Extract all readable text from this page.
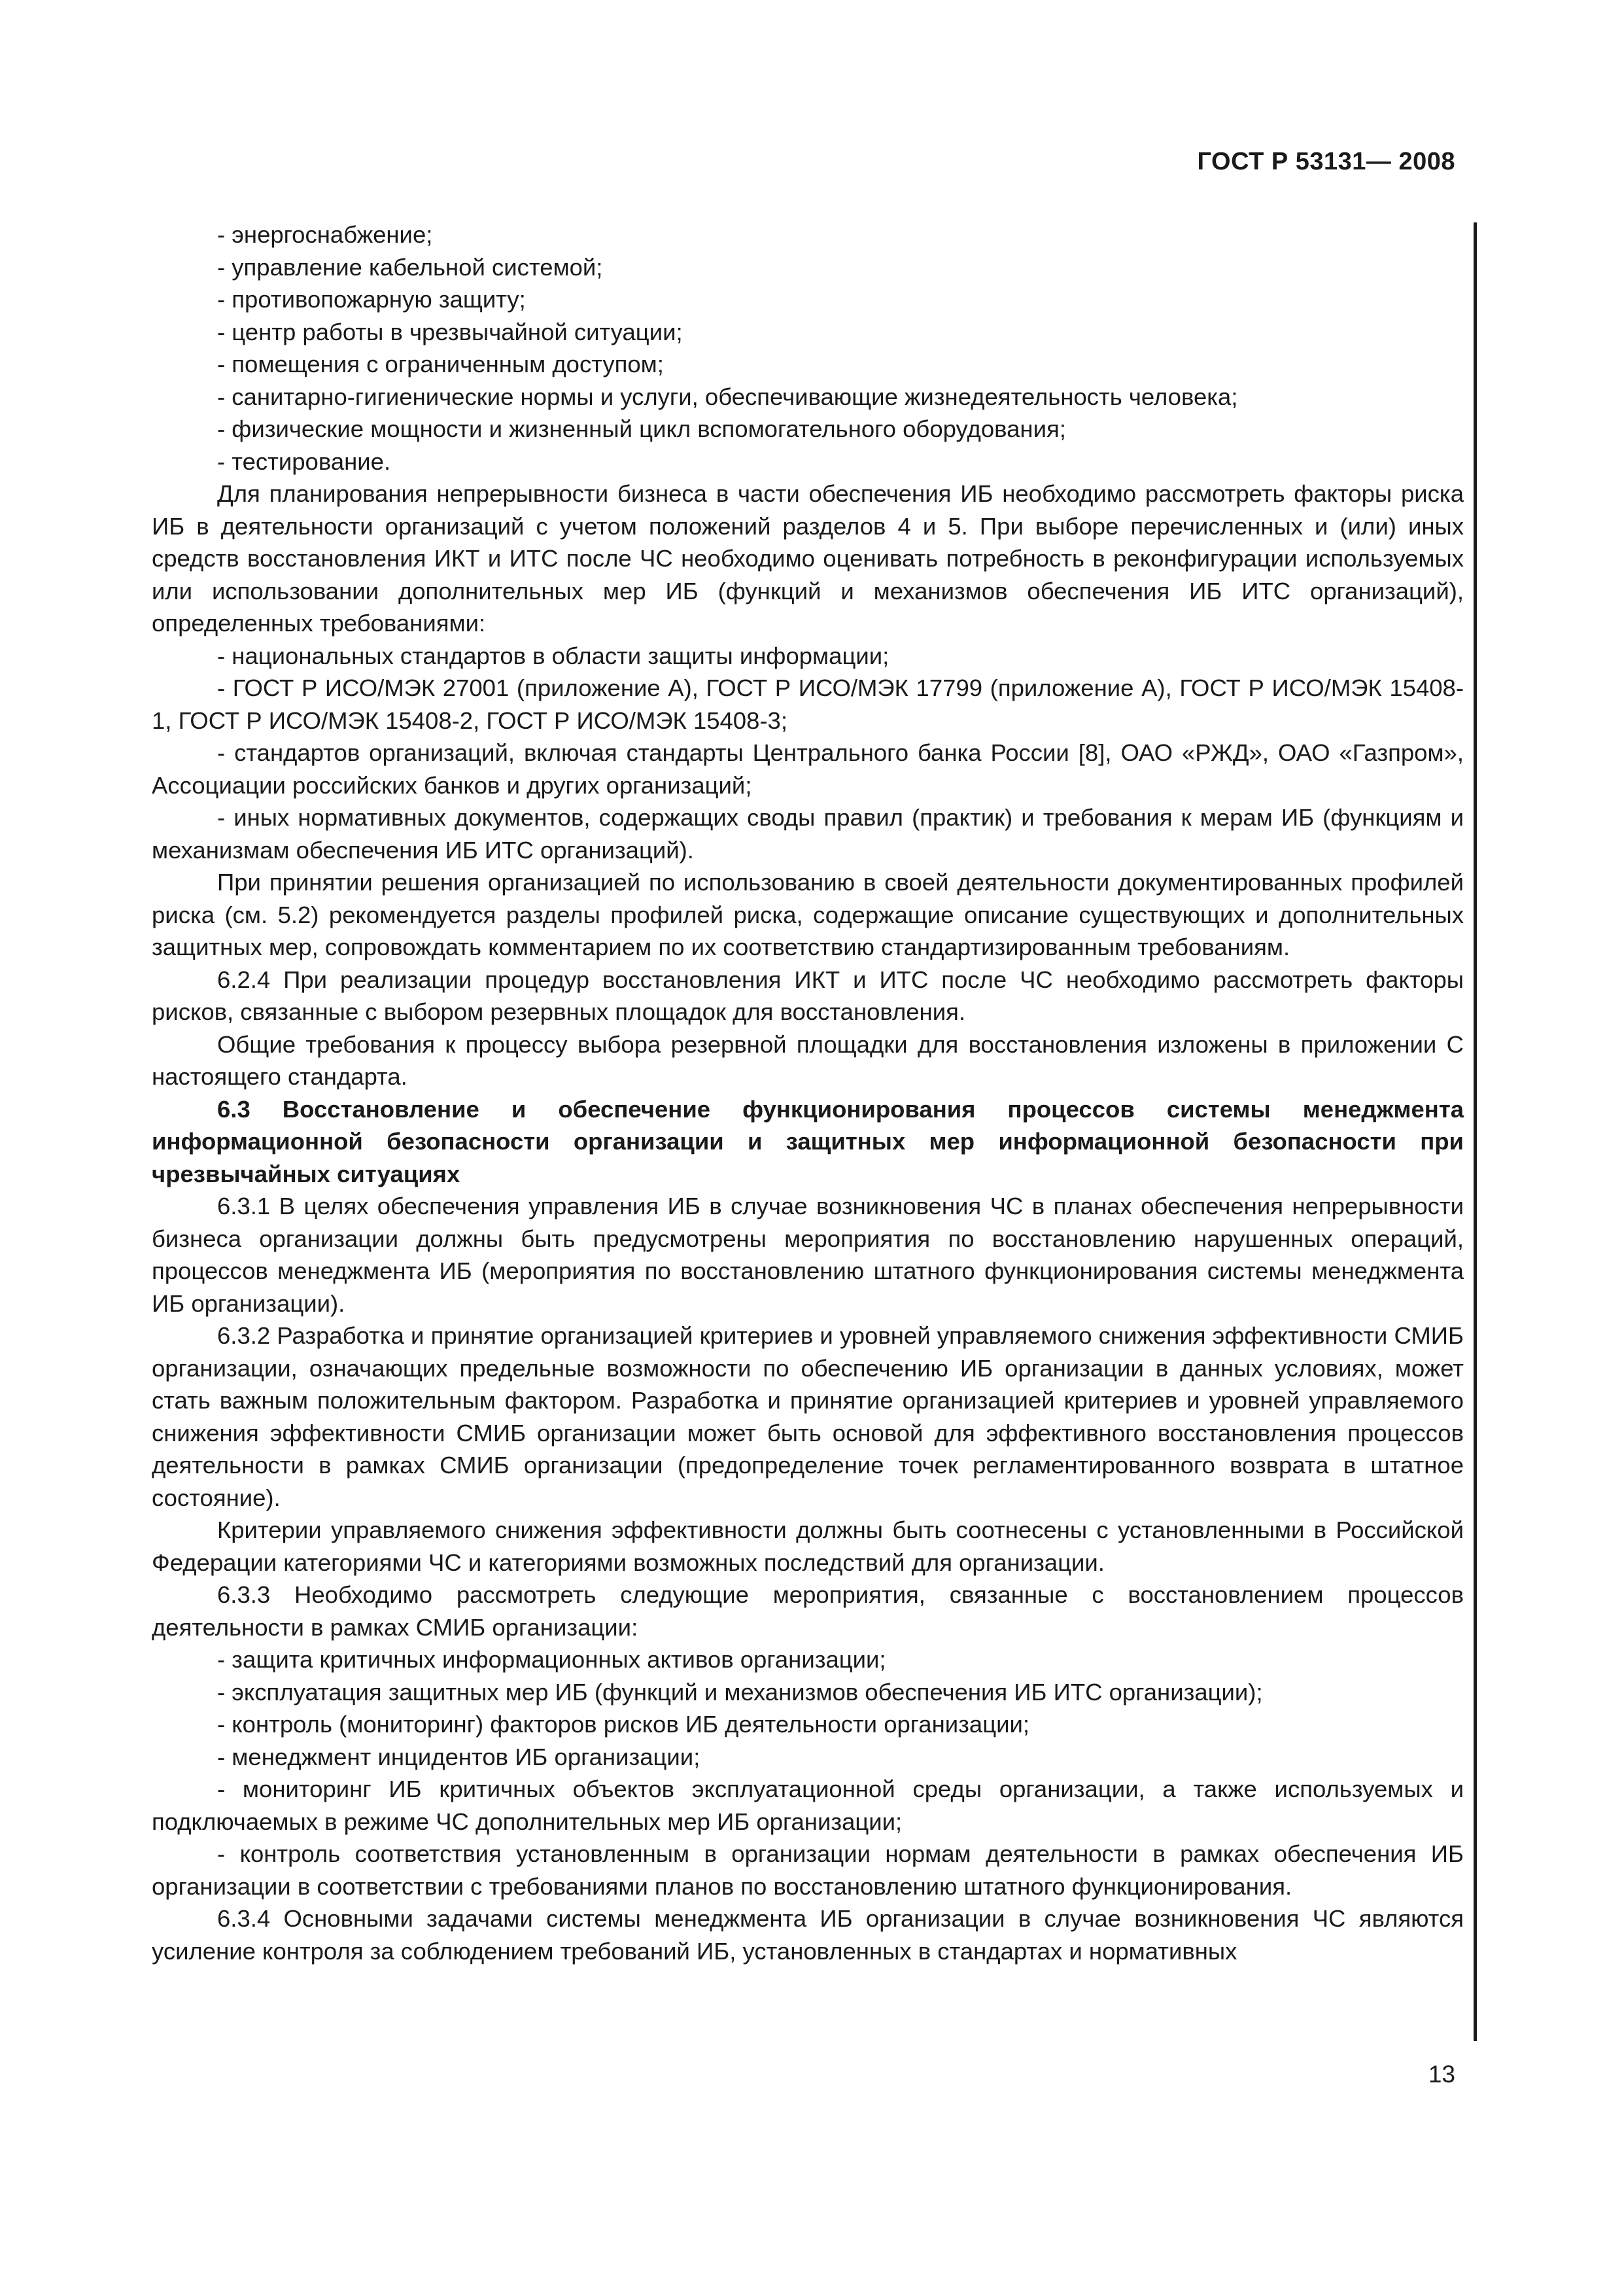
ГОСТ Р 53131— 2008

- энергоснабжение;

- управление кабельной системой;

- противопожарную защиту;

- центр работы в чрезвычайной ситуации;

- помещения с ограниченным доступом;

- санитарно-гигиенические нормы и услуги, обеспечивающие жизнедеятельность человека;

- физические мощности и жизненный цикл вспомогательного оборудования;

- тестирование.

Для планирования непрерывности бизнеса в части обеспечения ИБ необходимо рассмотреть факторы риска ИБ в деятельности организаций с учетом положений разделов 4 и 5. При выборе перечисленных и (или) иных средств восстановления ИКТ и ИТС после ЧС необходимо оценивать потребность в реконфигурации используемых или использовании дополнительных мер ИБ (функций и механизмов обеспечения ИБ ИТС организаций), определенных требованиями:

- национальных стандартов в области защиты информации;

- ГОСТ Р ИСО/МЭК 27001 (приложение А), ГОСТ Р ИСО/МЭК 17799 (приложение А), ГОСТ Р ИСО/МЭК 15408-1, ГОСТ Р ИСО/МЭК 15408-2, ГОСТ Р ИСО/МЭК 15408-3;

- стандартов организаций, включая стандарты Центрального банка России [8], ОАО «РЖД», ОАО «Газпром», Ассоциации российских банков и других организаций;

- иных нормативных документов, содержащих своды правил (практик) и требования к мерам ИБ (функциям и механизмам обеспечения ИБ ИТС организаций).

При принятии решения организацией по использованию в своей деятельности документированных профилей риска (см. 5.2) рекомендуется разделы профилей риска, содержащие описание существующих и дополнительных защитных мер, сопровождать комментарием по их соответствию стандартизированным требованиям.

6.2.4 При реализации процедур восстановления ИКТ и ИТС после ЧС необходимо рассмотреть факторы рисков, связанные с выбором резервных площадок для восстановления.

Общие требования к процессу выбора резервной площадки для восстановления изложены в приложении С настоящего стандарта.

6.3 Восстановление и обеспечение функционирования процессов системы менеджмента информационной безопасности организации и защитных мер информационной безопасности при чрезвычайных ситуациях

6.3.1 В целях обеспечения управления ИБ в случае возникновения ЧС в планах обеспечения непрерывности бизнеса организации должны быть предусмотрены мероприятия по восстановлению нарушенных операций, процессов менеджмента ИБ (мероприятия по восстановлению штатного функционирования системы менеджмента ИБ организации).

6.3.2 Разработка и принятие организацией критериев и уровней управляемого снижения эффективности СМИБ организации, означающих предельные возможности по обеспечению ИБ организации в данных условиях, может стать важным положительным фактором. Разработка и принятие организацией критериев и уровней управляемого снижения эффективности СМИБ организации может быть основой для эффективного восстановления процессов деятельности в рамках СМИБ организации (предопределение точек регламентированного возврата в штатное состояние).

Критерии управляемого снижения эффективности должны быть соотнесены с установленными в Российской Федерации категориями ЧС и категориями возможных последствий для организации.

6.3.3 Необходимо рассмотреть следующие мероприятия, связанные с восстановлением процессов деятельности в рамках СМИБ организации:

- защита критичных информационных активов организации;

- эксплуатация защитных мер ИБ (функций и механизмов обеспечения ИБ ИТС организации);

- контроль (мониторинг) факторов рисков ИБ деятельности организации;

- менеджмент инцидентов ИБ организации;

- мониторинг ИБ критичных объектов эксплуатационной среды организации, а также используемых и подключаемых в режиме ЧС дополнительных мер ИБ организации;

- контроль соответствия установленным в организации нормам деятельности в рамках обеспечения ИБ организации в соответствии с требованиями планов по восстановлению штатного функционирования.

6.3.4 Основными задачами системы менеджмента ИБ организации в случае возникновения ЧС являются усиление контроля за соблюдением требований ИБ, установленных в стандартах и нормативных

13
